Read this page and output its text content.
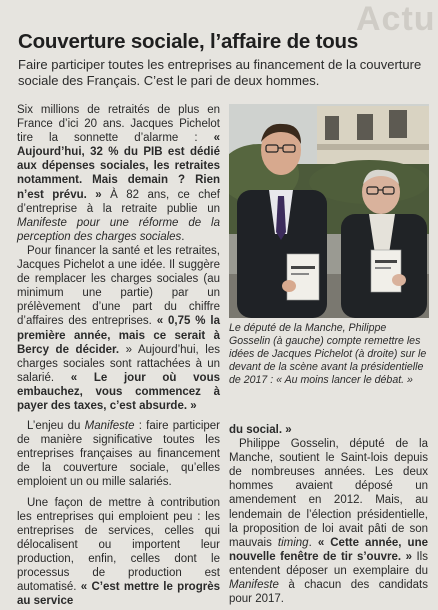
Actu
Couverture sociale, l’affaire de tous
Faire participer toutes les entreprises au financement de la couverture sociale des Français. C’est le pari de deux hommes.

Six millions de retraités de plus en France d’ici 20 ans. Jacques Pichelot tire la sonnette d’alarme : « Aujourd’hui, 32 % du PIB est dédié aux dépenses sociales, les retraites notamment. Mais demain ? Rien n’est prévu. » À 82 ans, ce chef d’entreprise à la retraite publie un Manifeste pour une réforme de la perception des charges sociales.

Pour financer la santé et les retraites, Jacques Pichelot a une idée. Il suggère de remplacer les charges sociales (au minimum une partie) par un prélèvement d’une part du chiffre d’affaires des entreprises. « 0,75 % la première année, mais ce serait à Bercy de décider. » Aujourd’hui, les charges sociales sont rattachées à un salarié. « Le jour où vous embauchez, vous commencez à payer des taxes, c’est absurde. »

L’enjeu du Manifeste : faire participer de manière significative toutes les entreprises françaises au financement de la couverture sociale, qu’elles emploient un ou mille salariés.

Une façon de mettre à contribution les entreprises qui emploient peu : les entreprises de services, celles qui délocalisent ou importent leur production, enfin, celles dont le processus de production est automatisé. « C’est mettre le progrès au service

Le député de la Manche, Philippe Gosselin (à gauche) compte remettre les idées de Jacques Pichelot (à droite) sur le devant de la scène avant la présidentielle de 2017 : « Au moins lancer le débat. »

du social. »

Philippe Gosselin, député de la Manche, soutient le Saint-lois depuis de nombreuses années. Les deux hommes avaient déposé un amendement en 2012. Mais, au lendemain de l’élection présidentielle, la proposition de loi avait pâti de son mauvais timing. « Cette année, une nouvelle fenêtre de tir s’ouvre. » Ils entendent déposer un exemplaire du Manifeste à chacun des candidats pour 2017.
